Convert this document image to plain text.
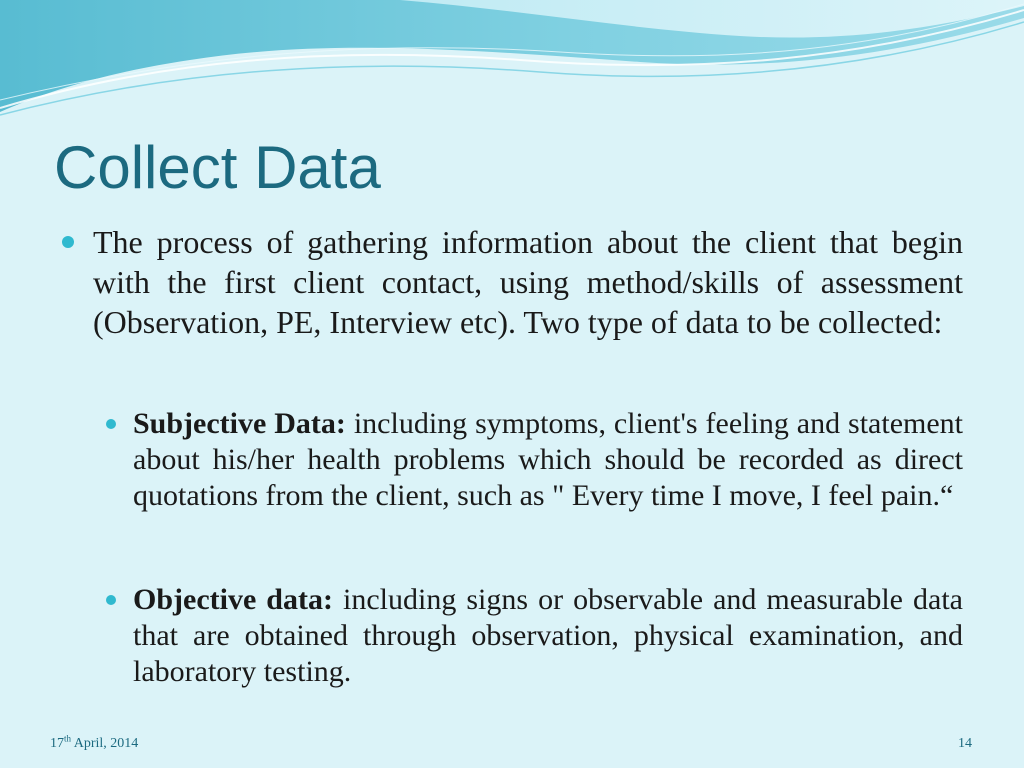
Collect Data
The process of gathering information about the client that begin with the first client contact, using method/skills of assessment (Observation, PE, Interview etc). Two type of data to be collected:
Subjective Data: including symptoms, client's feeling and statement about his/her health problems which should be recorded as direct quotations from the client, such as " Every time I move, I feel pain.“
Objective data: including signs or observable and measurable data that are obtained through observation, physical examination, and laboratory testing.
17th April, 2014	14
